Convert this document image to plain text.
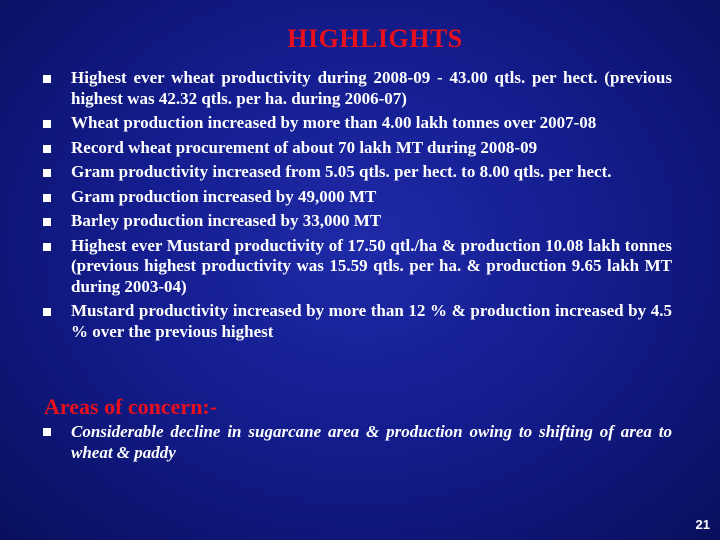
HIGHLIGHTS
Highest ever wheat productivity during 2008-09 - 43.00 qtls. per hect. (previous highest was 42.32 qtls. per ha. during 2006-07)
Wheat production increased by more than 4.00 lakh tonnes over 2007-08
Record wheat procurement of about 70 lakh MT during 2008-09
Gram productivity increased from 5.05 qtls. per hect. to 8.00 qtls. per hect.
Gram production increased by 49,000 MT
Barley production increased by 33,000 MT
Highest ever Mustard productivity of 17.50 qtl./ha & production 10.08 lakh tonnes (previous highest productivity was 15.59 qtls. per ha. & production 9.65 lakh MT during 2003-04)
Mustard productivity increased by more than 12 % & production increased by 4.5 % over the previous highest
Areas of concern:-
Considerable decline in sugarcane area & production owing to shifting of area to wheat & paddy
21
